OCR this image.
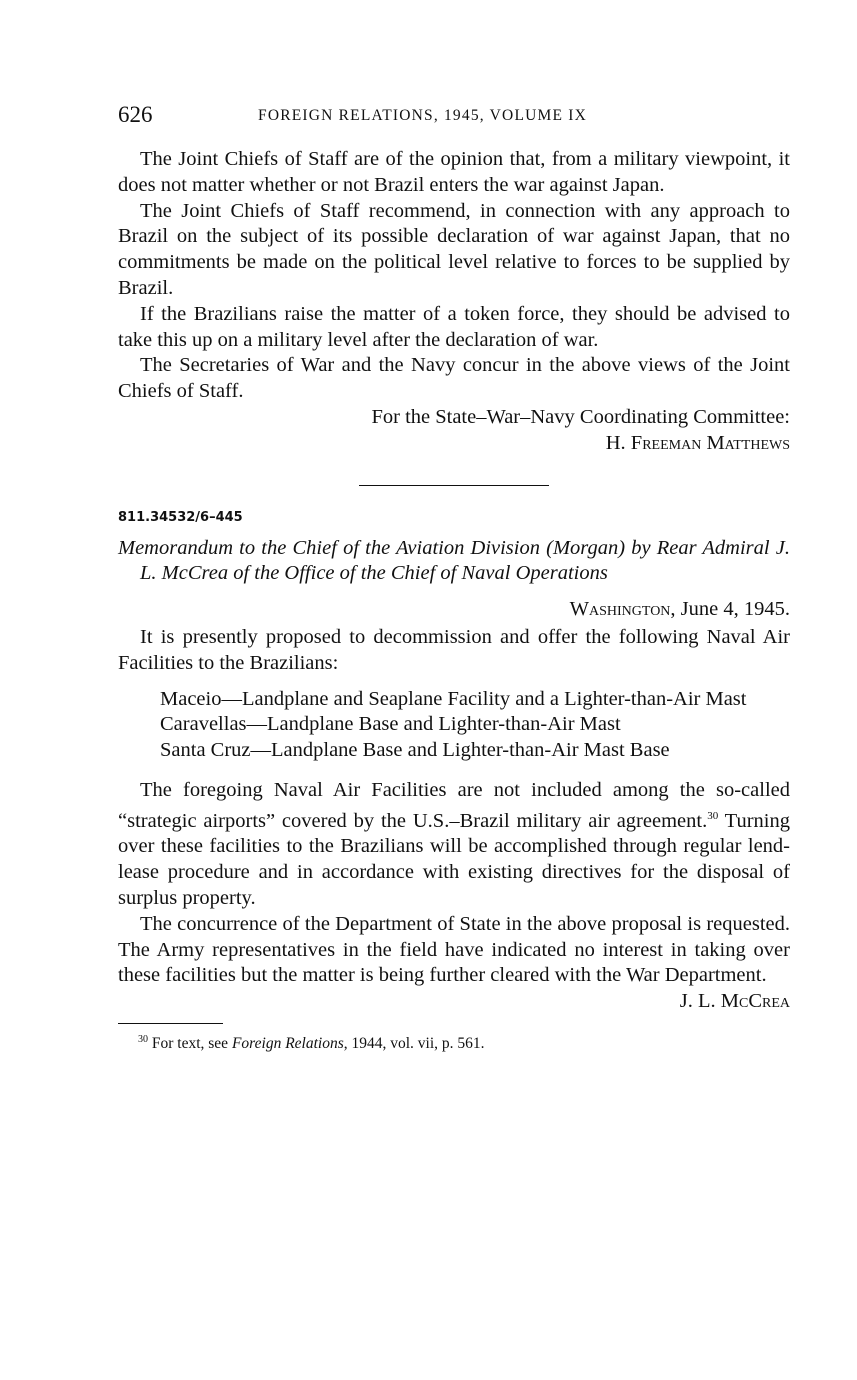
626	FOREIGN RELATIONS, 1945, VOLUME IX

The Joint Chiefs of Staff are of the opinion that, from a military viewpoint, it does not matter whether or not Brazil enters the war against Japan.

The Joint Chiefs of Staff recommend, in connection with any approach to Brazil on the subject of its possible declaration of war against Japan, that no commitments be made on the political level relative to forces to be supplied by Brazil.

If the Brazilians raise the matter of a token force, they should be advised to take this up on a military level after the declaration of war.

The Secretaries of War and the Navy concur in the above views of the Joint Chiefs of Staff.

For the State–War–Navy Coordinating Committee:
H. Freeman Matthews
811.34532/6–445
Memorandum to the Chief of the Aviation Division (Morgan) by Rear Admiral J. L. McCrea of the Office of the Chief of Naval Operations
Washington, June 4, 1945.

It is presently proposed to decommission and offer the following Naval Air Facilities to the Brazilians:

Maceio—Landplane and Seaplane Facility and a Lighter-than-Air Mast
Caravellas—Landplane Base and Lighter-than-Air Mast
Santa Cruz—Landplane Base and Lighter-than-Air Mast Base

The foregoing Naval Air Facilities are not included among the so-called “strategic airports” covered by the U.S.–Brazil military air agreement.$^{30}$ Turning over these facilities to the Brazilians will be accomplished through regular lend-lease procedure and in accordance with existing directives for the disposal of surplus property.

The concurrence of the Department of State in the above proposal is requested. The Army representatives in the field have indicated no interest in taking over these facilities but the matter is being further cleared with the War Department.

J. L. McCrea
$^{30}$ For text, see Foreign Relations, 1944, vol. vii, p. 561.
